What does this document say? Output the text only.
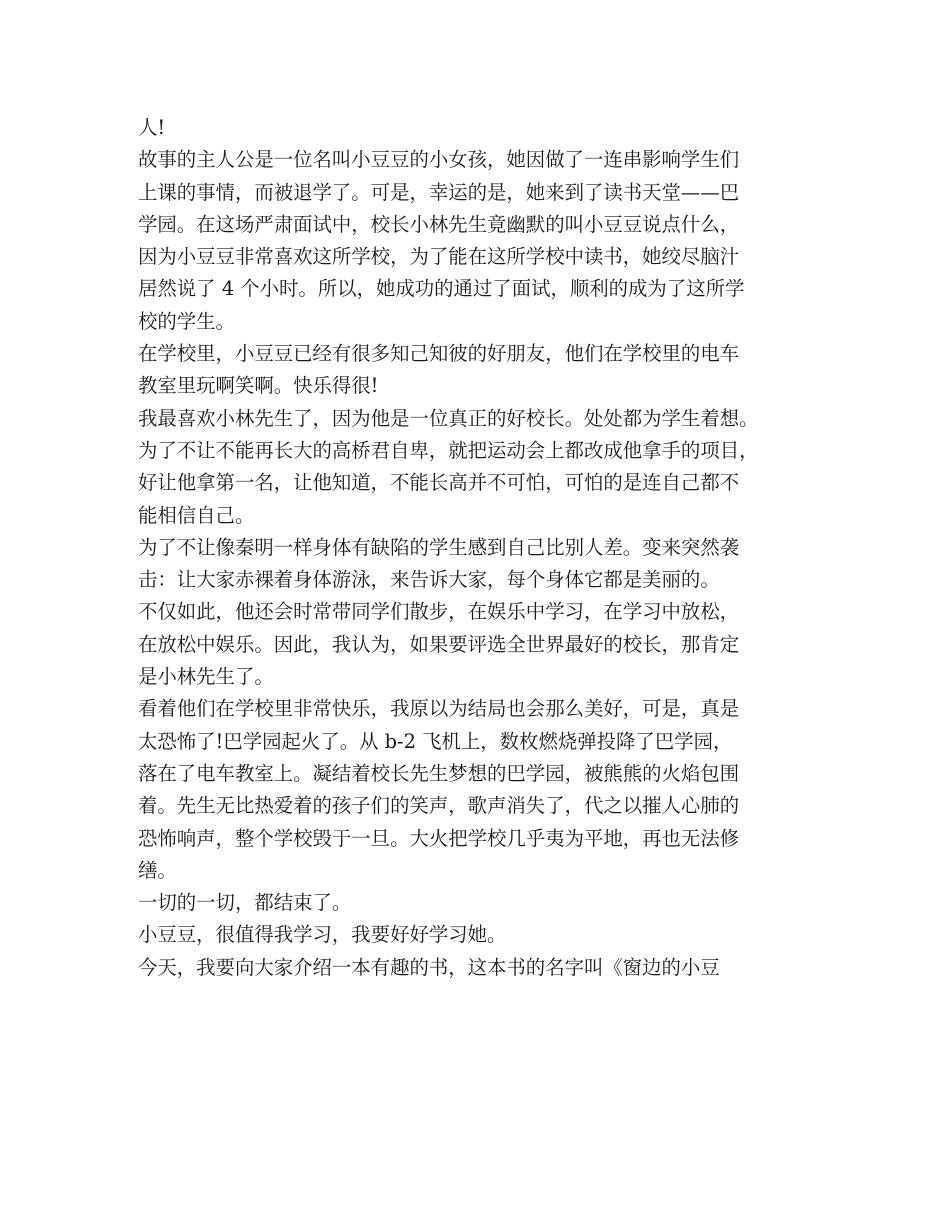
人!
故事的主人公是一位名叫小豆豆的小女孩，她因做了一连串影响学生们
上课的事情，而被退学了。可是，幸运的是，她来到了读书天堂——巴
学园。在这场严肃面试中，校长小林先生竟幽默的叫小豆豆说点什么，
因为小豆豆非常喜欢这所学校，为了能在这所学校中读书，她绞尽脑汁
居然说了 4 个小时。所以，她成功的通过了面试，顺利的成为了这所学
校的学生。
在学校里，小豆豆已经有很多知己知彼的好朋友，他们在学校里的电车
教室里玩啊笑啊。快乐得很!
我最喜欢小林先生了，因为他是一位真正的好校长。处处都为学生着想。
为了不让不能再长大的高桥君自卑，就把运动会上都改成他拿手的项目，
好让他拿第一名，让他知道，不能长高并不可怕，可怕的是连自己都不
能相信自己。
为了不让像秦明一样身体有缺陷的学生感到自己比别人差。变来突然袭
击：让大家赤裸着身体游泳，来告诉大家，每个身体它都是美丽的。
不仅如此，他还会时常带同学们散步，在娱乐中学习，在学习中放松，
在放松中娱乐。因此，我认为，如果要评选全世界最好的校长，那肯定
是小林先生了。
看着他们在学校里非常快乐，我原以为结局也会那么美好，可是，真是
太恐怖了!巴学园起火了。从 b-2 飞机上，数枚燃烧弹投降了巴学园，
落在了电车教室上。凝结着校长先生梦想的巴学园，被熊熊的火焰包围
着。先生无比热爱着的孩子们的笑声，歌声消失了，代之以摧人心肺的
恐怖响声，整个学校毁于一旦。大火把学校几乎夷为平地，再也无法修
缮。
一切的一切，都结束了。
小豆豆，很值得我学习，我要好好学习她。
今天，我要向大家介绍一本有趣的书，这本书的名字叫《窗边的小豆
